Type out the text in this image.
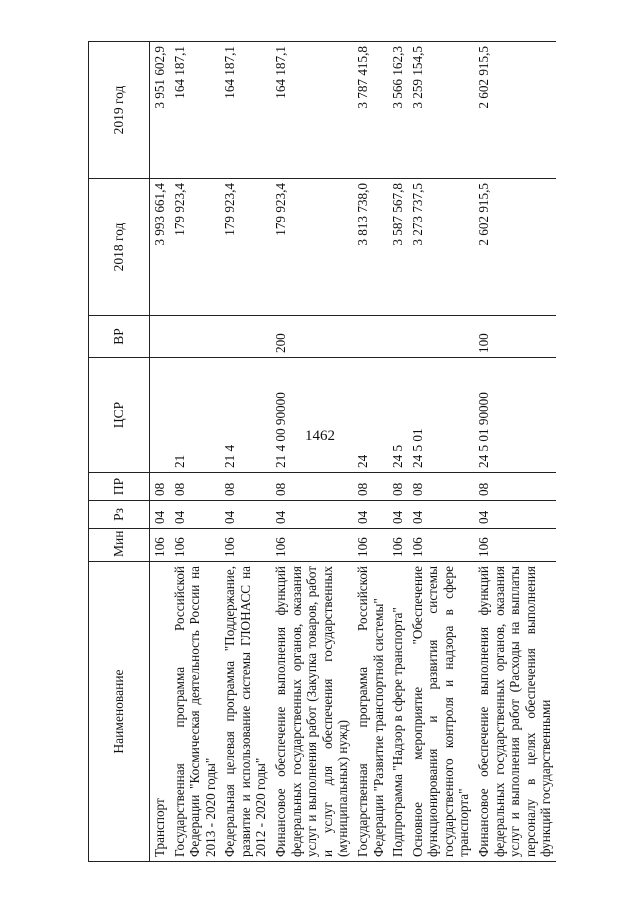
1462
Наименование	Мин	Рз	ПР	ЦСР	ВР	2018 год	2019 год
Транспорт	106	04	08			3 993 661,4	3 951 602,9
Государственная программа Российской Федерации "Космическая деятельность России на 2013 - 2020 годы"	106	04	08	21		179 923,4	164 187,1
Федеральная целевая программа "Поддержание, развитие и использование системы ГЛОНАСС на 2012 - 2020 годы"	106	04	08	21 4		179 923,4	164 187,1
Финансовое обеспечение выполнения функций федеральных государственных органов, оказания услуг и выполнения работ (Закупка товаров, работ и услуг для обеспечения государственных (муниципальных) нужд)	106	04	08	21 4 00 90000	200	179 923,4	164 187,1
Государственная программа Российской Федерации "Развитие транспортной системы"	106	04	08	24		3 813 738,0	3 787 415,8
Подпрограмма "Надзор в сфере транспорта"	106	04	08	24 5		3 587 567,8	3 566 162,3
Основное мероприятие "Обеспечение функционирования и развития системы государственного контроля и надзора в сфере транспорта"	106	04	08	24 5 01		3 273 737,5	3 259 154,5
Финансовое обеспечение выполнения функций федеральных государственных органов, оказания услуг и выполнения работ (Расходы на выплаты персоналу в целях обеспечения выполнения функций государственными	106	04	08	24 5 01 90000	100	2 602 915,5	2 602 915,5
